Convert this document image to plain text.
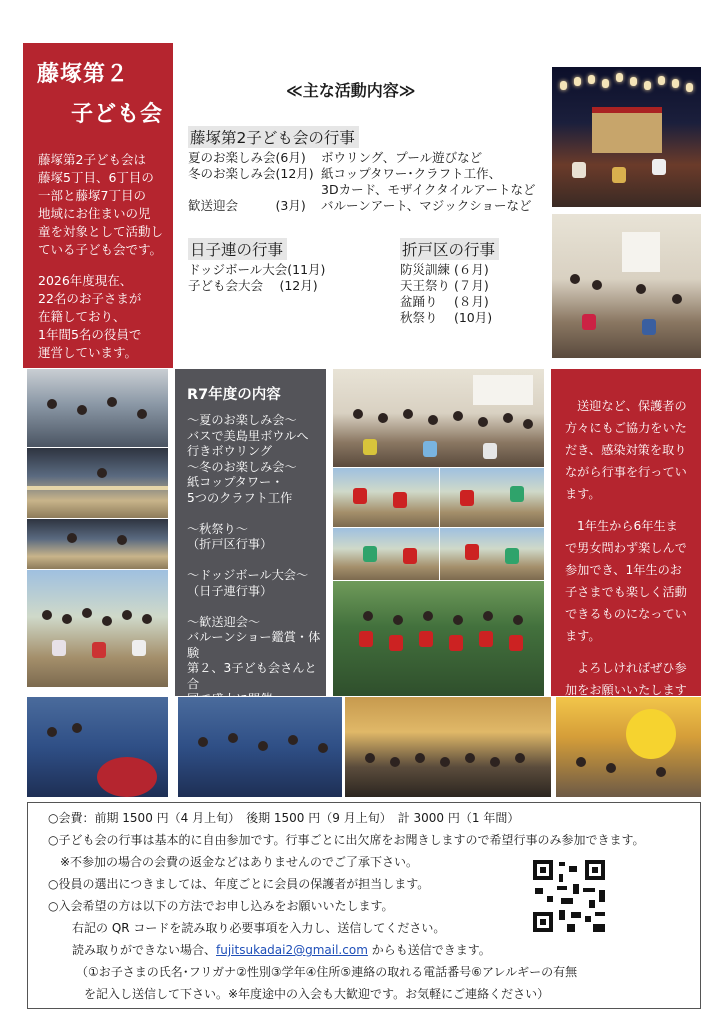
藤塚第２
子ども会

藤塚第2子ども会は

藤塚5丁目、6丁目の

一部と藤塚7丁目の

地域にお住まいの児

童を対象として活動し

ている子ども会です。

2026年度現在、

22名のお子さまが

在籍しており、

1年間5名の役員で

運営しています。

≪主な活動内容≫
藤塚第2子ども会の行事
夏のお楽しみ会(6月) ボウリング、プール遊びなど
冬のお楽しみ会(12月) 紙コップタワー･クラフト工作、
3Dカード、モザイクタイルアートなど
歓送迎会　　　(3月) バルーンアート、マジックショーなど
日子連の行事
ドッジボール大会(11月)
子ども会大会　 (12月)
折戸区の行事
防災訓練 (６月)
天王祭り (７月)
盆踊り　 (８月)
秋祭り　 (10月)
R7年度の内容

～夏のお楽しみ会～

バスで美島里ボウルへ

行きボウリング

～冬のお楽しみ会～

紙コップタワー・

5つのクラフト工作

～秋祭り～

（折戸区行事）

～ドッジボール大会～

（日子連行事）

～歓送迎会～

バルーンショー鑑賞・体験

第２、3子ども会さんと合

送迎など、保護者の方々にもご協力をいただき、感染対策を取りながら行事を行っています。

1年生から6年生まで男女問わず楽しんで参加でき、1年生のお子さまでも楽しく活動できるものになっています。

よろしければぜひ参加をお願いいたします

○会費：前期 1500 円（4 月上旬）　後期 1500 円（9 月上旬）　計 3000 円（1 年間）

○子ども会の行事は基本的に自由参加です。行事ごとに出欠席をお聞きしますので希望行事のみ参加できます。

※不参加の場合の会費の返金などはありませんのでご了承下さい。

○役員の選出につきましては、年度ごとに会員の保護者が担当します。

○入会希望の方は以下の方法でお申し込みをお願いいたします。

右記の QR コードを読み取り必要事項を入力し、送信してください。

読み取りができない場合、fujitsukadai2@gmail.com からも送信できます。

（①お子さまの氏名･フリガナ②性別③学年④住所⑤連絡の取れる電話番号⑥アレルギーの有無

を記入し送信して下さい。※年度途中の入会も大歓迎です。お気軽にご連絡ください）
